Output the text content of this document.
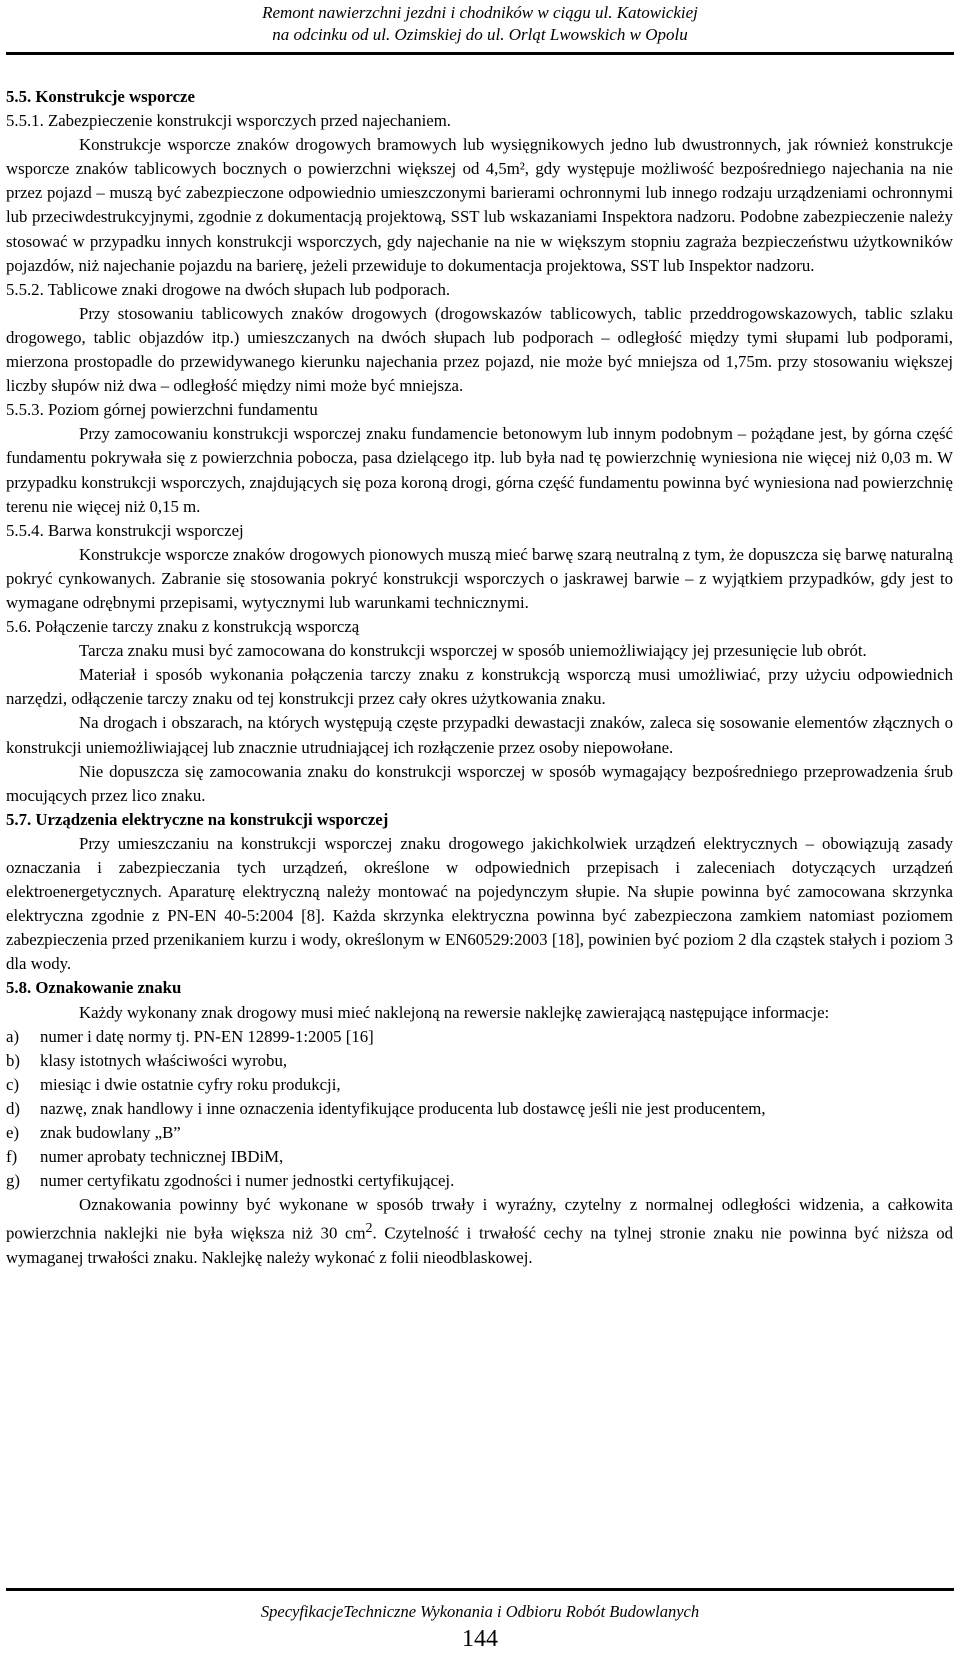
Remont nawierzchni jezdni i chodników w ciągu ul. Katowickiej
na odcinku od ul. Ozimskiej do ul. Orląt Lwowskich w Opolu

5.5. Konstrukcje wsporcze

5.5.1. Zabezpieczenie konstrukcji wsporczych przed najechaniem.

Konstrukcje wsporcze znaków drogowych bramowych lub wysięgnikowych jedno lub dwustronnych, jak również konstrukcje wsporcze znaków tablicowych bocznych o powierzchni większej od 4,5m², gdy występuje możliwość bezpośredniego najechania na nie przez pojazd – muszą być zabezpieczone odpowiednio umieszczonymi barierami ochronnymi lub innego rodzaju urządzeniami ochronnymi lub przeciwdestrukcyjnymi, zgodnie z dokumentacją projektową, SST lub wskazaniami Inspektora nadzoru. Podobne zabezpieczenie należy stosować w przypadku innych konstrukcji wsporczych, gdy najechanie na nie w większym stopniu zagraża bezpieczeństwu użytkowników pojazdów, niż najechanie pojazdu na barierę, jeżeli przewiduje to dokumentacja projektowa, SST lub Inspektor nadzoru.

5.5.2. Tablicowe znaki drogowe na dwóch słupach lub podporach.

Przy stosowaniu tablicowych znaków drogowych (drogowskazów tablicowych, tablic przeddrogowskazowych, tablic szlaku drogowego, tablic objazdów itp.) umieszczanych na dwóch słupach lub podporach – odległość między tymi słupami lub podporami, mierzona prostopadle do przewidywanego kierunku najechania przez pojazd, nie może być mniejsza od 1,75m. przy stosowaniu większej liczby słupów niż dwa – odległość między nimi może być mniejsza.

5.5.3. Poziom górnej powierzchni fundamentu

Przy zamocowaniu konstrukcji wsporczej znaku fundamencie betonowym lub innym podobnym – pożądane jest, by górna część fundamentu pokrywała się z powierzchnia pobocza, pasa dzielącego itp. lub była nad tę powierzchnię wyniesiona nie więcej niż 0,03 m. W przypadku konstrukcji wsporczych, znajdujących się poza koroną drogi, górna część fundamentu powinna być wyniesiona nad powierzchnię terenu nie więcej niż 0,15 m.

5.5.4. Barwa konstrukcji wsporczej

Konstrukcje wsporcze znaków drogowych pionowych muszą mieć barwę szarą neutralną z tym, że dopuszcza się barwę naturalną pokryć cynkowanych. Zabranie się stosowania pokryć konstrukcji wsporczych o jaskrawej barwie – z wyjątkiem przypadków, gdy jest to wymagane odrębnymi przepisami, wytycznymi lub warunkami technicznymi.

5.6. Połączenie tarczy znaku z konstrukcją wsporczą

Tarcza znaku musi być zamocowana do konstrukcji wsporczej w sposób uniemożliwiający jej przesunięcie lub obrót.

Materiał i sposób wykonania połączenia tarczy znaku z konstrukcją wsporczą musi umożliwiać, przy użyciu odpowiednich narzędzi, odłączenie tarczy znaku od tej konstrukcji przez cały okres użytkowania znaku.

Na drogach i obszarach, na których występują częste przypadki dewastacji znaków, zaleca się sosowanie elementów złącznych o konstrukcji uniemożliwiającej lub znacznie utrudniającej ich rozłączenie przez osoby niepowołane.

Nie dopuszcza się zamocowania znaku do konstrukcji wsporczej w sposób wymagający bezpośredniego przeprowadzenia śrub mocujących przez lico znaku.

5.7. Urządzenia elektryczne na konstrukcji wsporczej

Przy umieszczaniu na konstrukcji wsporczej znaku drogowego jakichkolwiek urządzeń elektrycznych – obowiązują zasady oznaczania i zabezpieczania tych urządzeń, określone w odpowiednich przepisach i zaleceniach dotyczących urządzeń elektroenergetycznych. Aparaturę elektryczną należy montować na pojedynczym słupie. Na słupie powinna być zamocowana skrzynka elektryczna zgodnie z PN-EN 40-5:2004 [8]. Każda skrzynka elektryczna powinna być zabezpieczona zamkiem natomiast poziomem zabezpieczenia przed przenikaniem kurzu i wody, określonym w EN60529:2003 [18], powinien być poziom 2 dla cząstek stałych i poziom 3 dla wody.

5.8. Oznakowanie znaku

Każdy wykonany znak drogowy musi mieć naklejoną na rewersie naklejkę zawierającą następujące informacje:

a)	numer i datę normy tj. PN-EN 12899-1:2005 [16]
b)	klasy istotnych właściwości wyrobu,
c)	miesiąc i dwie ostatnie cyfry roku produkcji,
d)	nazwę, znak handlowy i inne oznaczenia identyfikujące producenta lub dostawcę jeśli nie jest producentem,
e)	znak budowlany „B”
f)	numer aprobaty technicznej IBDiM,
g)	numer certyfikatu zgodności i numer jednostki certyfikującej.

Oznakowania powinny być wykonane w sposób trwały i wyraźny, czytelny z normalnej odległości widzenia, a całkowita powierzchnia naklejki nie była większa niż 30 $cm^2$. Czytelność i trwałość cechy na tylnej stronie znaku nie powinna być niższa od wymaganej trwałości znaku. Naklejkę należy wykonać z folii nieodblaskowej.

SpecyfikacjeTechniczne Wykonania i Odbioru Robót Budowlanych
144
